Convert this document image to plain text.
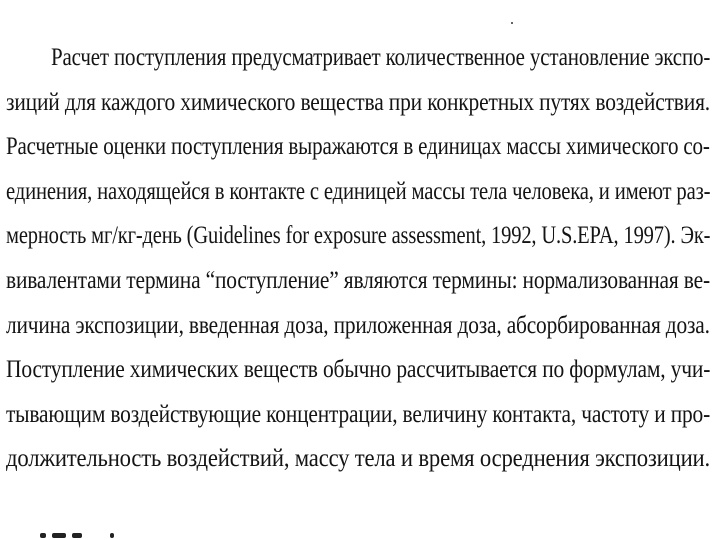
Расчет поступления предусматривает количественное установление экспо-
зиций для каждого химического вещества при конкретных путях воздействия.
Расчетные оценки поступления выражаются в единицах массы химического со-
единения, находящейся в контакте с единицей массы тела человека, и имеют раз-
мерность мг/кг-день (Guidelines for exposure assessment, 1992, U.S.EPA, 1997). Эк-
вивалентами термина “поступление” являются термины: нормализованная ве-
личина экспозиции, введенная доза, приложенная доза, абсорбированная доза.
Поступление химических веществ обычно рассчитывается по формулам, учи-
тывающим воздействующие концентрации, величину контакта, частоту и про-
должительность воздействий, массу тела и время осреднения экспозиции.
